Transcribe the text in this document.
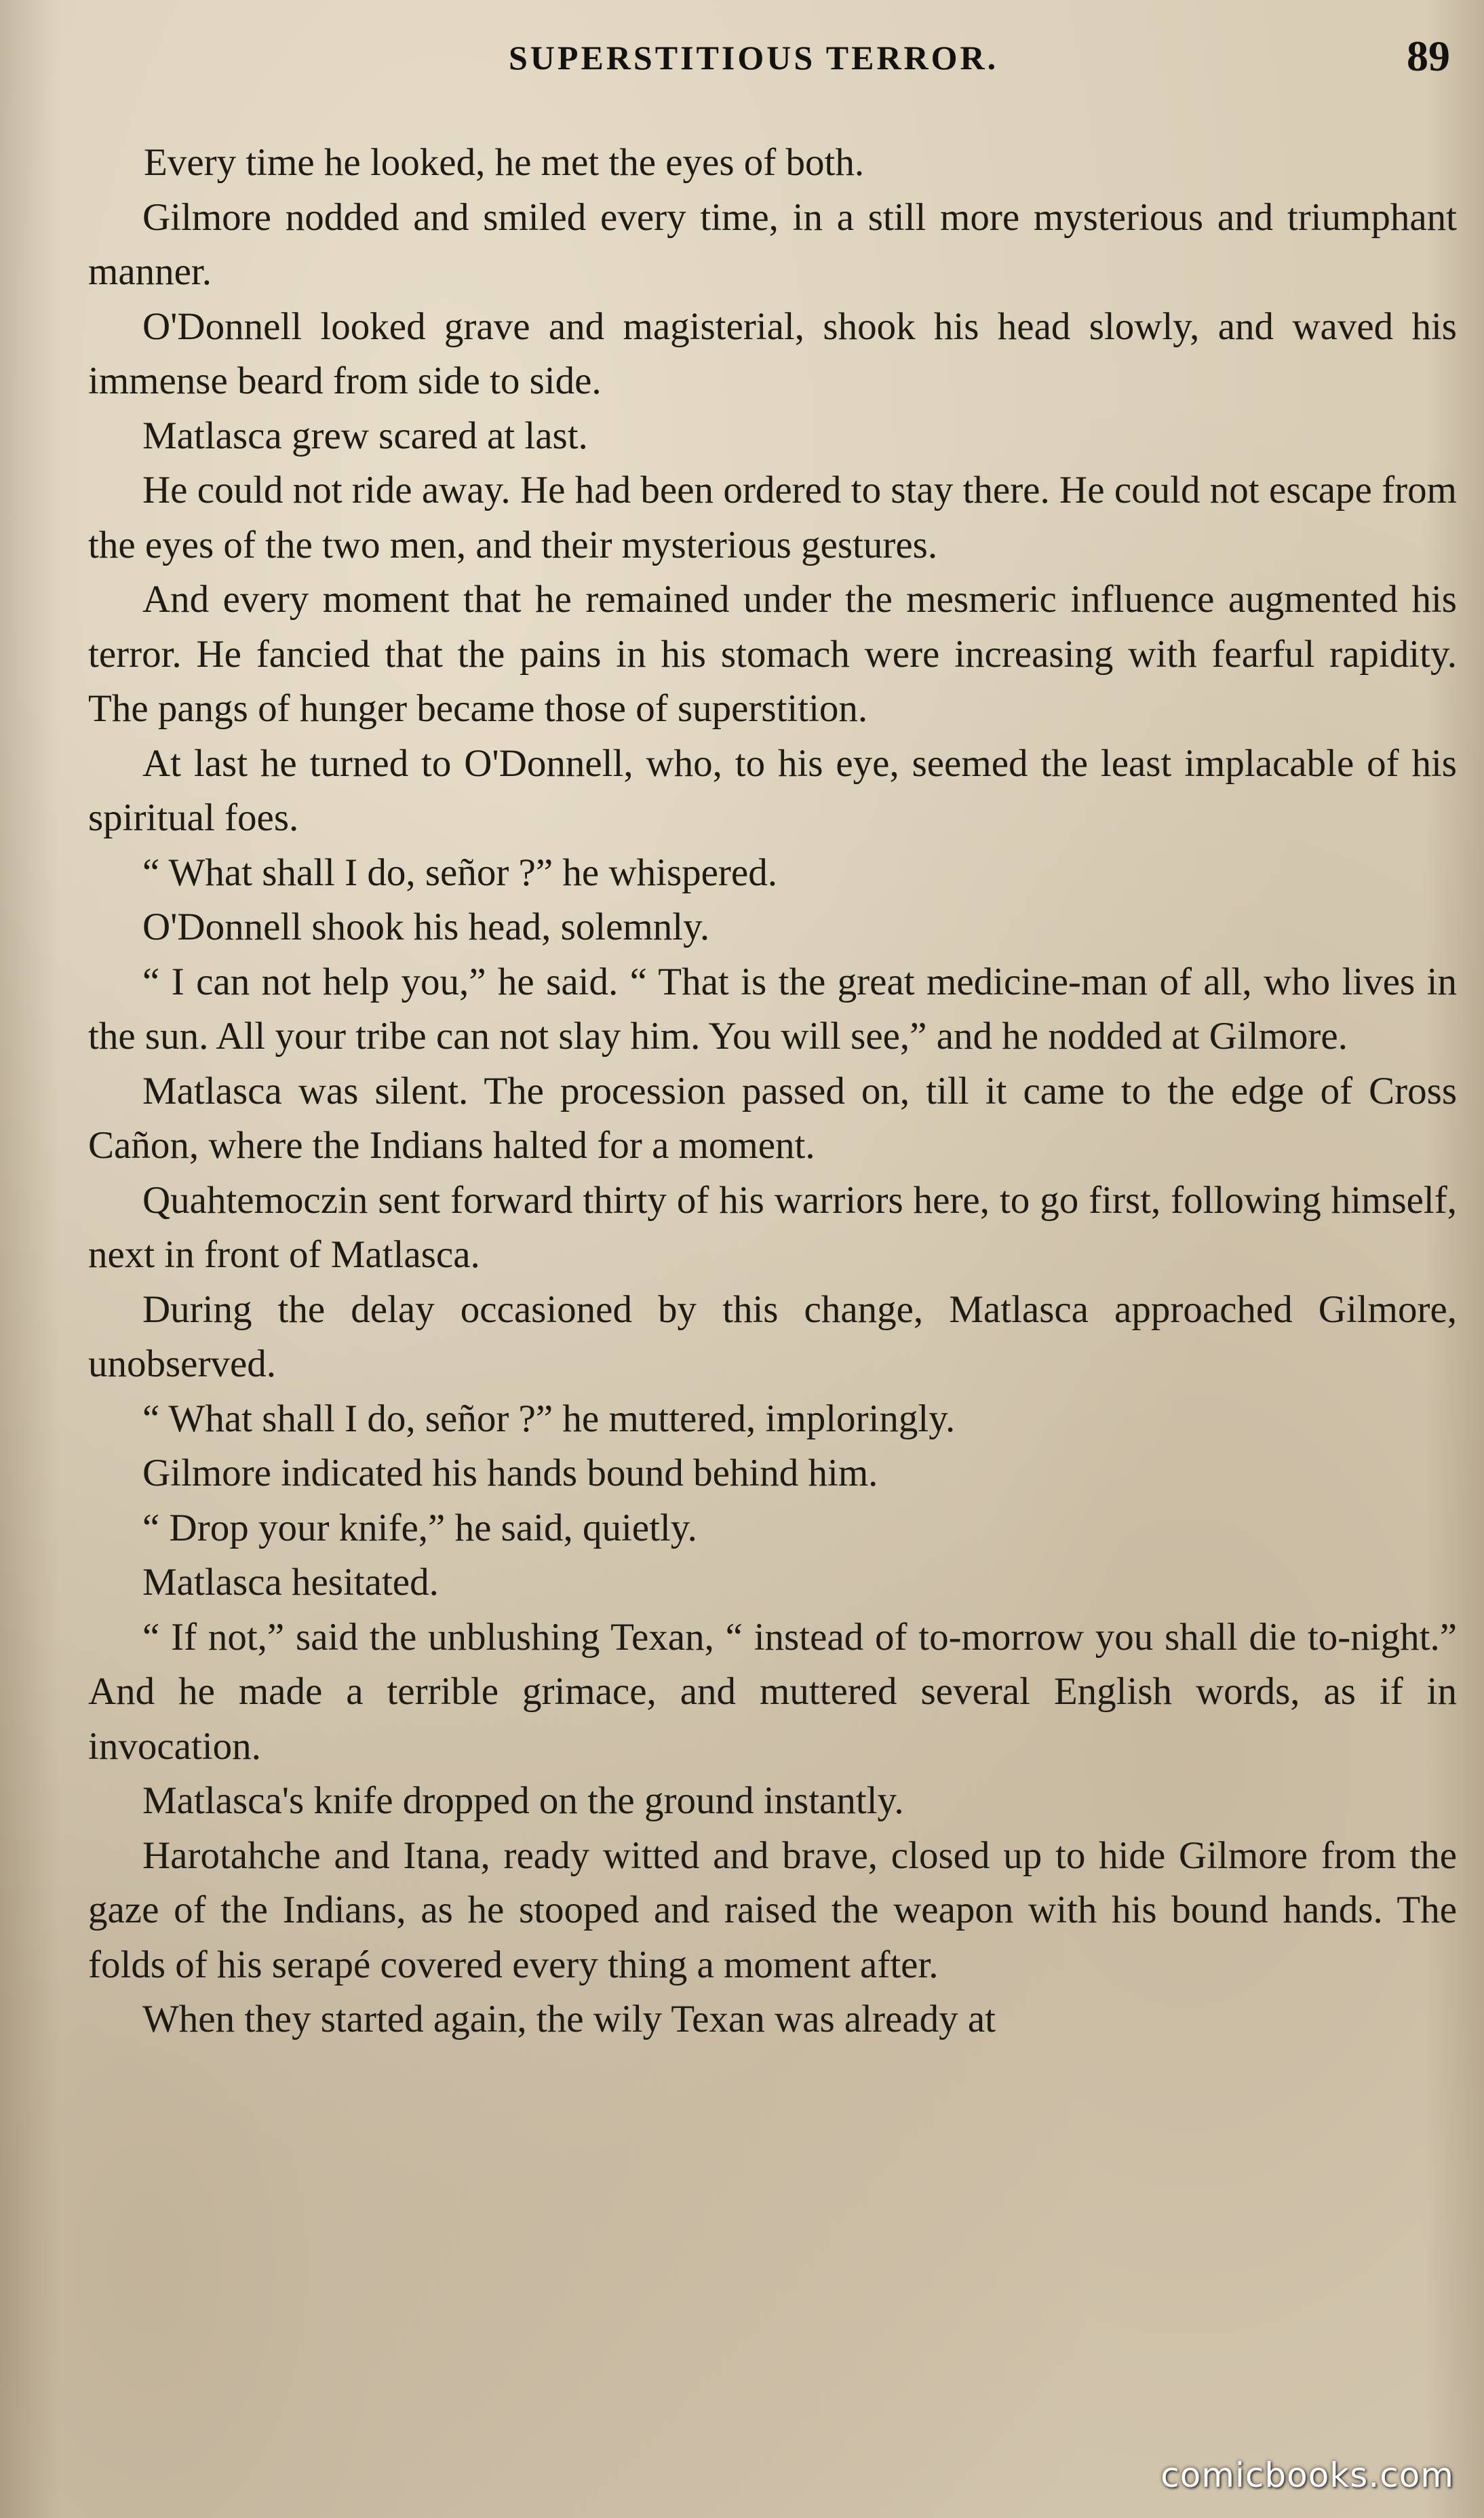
SUPERSTITIOUS TERROR.	89

Every time he looked, he met the eyes of both.

Gilmore nodded and smiled every time, in a still more mysterious and triumphant manner.

O'Donnell looked grave and magisterial, shook his head slowly, and waved his immense beard from side to side.

Matlasca grew scared at last.

He could not ride away. He had been ordered to stay there. He could not escape from the eyes of the two men, and their mysterious gestures.

And every moment that he remained under the mesmeric influence augmented his terror. He fancied that the pains in his stomach were increasing with fearful rapidity. The pangs of hunger became those of superstition.

At last he turned to O'Donnell, who, to his eye, seemed the least implacable of his spiritual foes.

“ What shall I do, señor ?” he whispered.

O'Donnell shook his head, solemnly.

“ I can not help you,” he said. “ That is the great medicine-man of all, who lives in the sun. All your tribe can not slay him. You will see,” and he nodded at Gilmore.

Matlasca was silent. The procession passed on, till it came to the edge of Cross Cañon, where the Indians halted for a moment.

Quahtemoczin sent forward thirty of his warriors here, to go first, following himself, next in front of Matlasca.

During the delay occasioned by this change, Matlasca approached Gilmore, unobserved.

“ What shall I do, señor ?” he muttered, imploringly.

Gilmore indicated his hands bound behind him.

“ Drop your knife,” he said, quietly.

Matlasca hesitated.

“ If not,” said the unblushing Texan, “ instead of to-morrow you shall die to-night.” And he made a terrible grimace, and muttered several English words, as if in invocation.

Matlasca's knife dropped on the ground instantly.

Harotahche and Itana, ready witted and brave, closed up to hide Gilmore from the gaze of the Indians, as he stooped and raised the weapon with his bound hands. The folds of his serapé covered every thing a moment after.

When they started again, the wily Texan was already at

comicbooks.com
